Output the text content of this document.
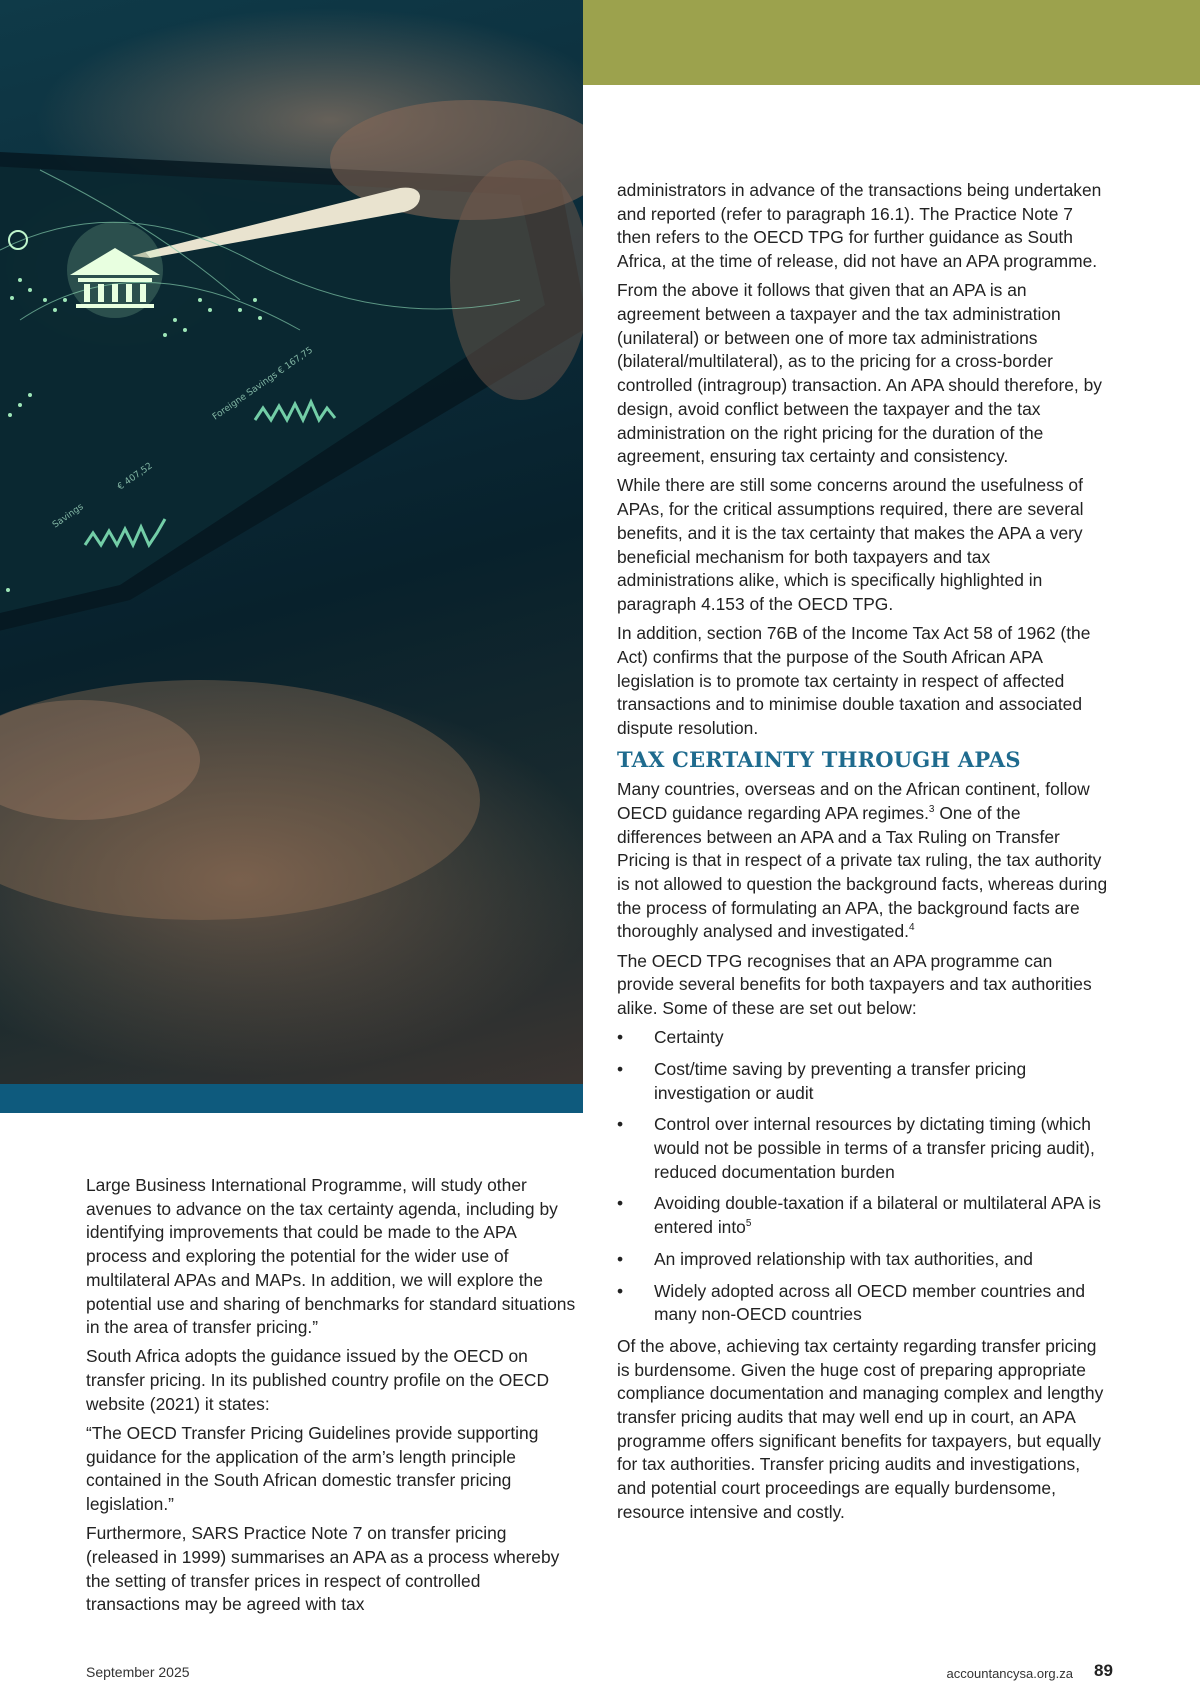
Foreigne Savings € 167,75
€ 407,52
Savings

administrators in advance of the transactions being undertaken and reported (refer to paragraph 16.1). The Practice Note 7 then refers to the OECD TPG for further guidance as South Africa, at the time of release, did not have an APA programme.

From the above it follows that given that an APA is an agreement between a taxpayer and the tax administration (unilateral) or between one of more tax administrations (bilateral/multilateral), as to the pricing for a cross-border controlled (intragroup) transaction. An APA should therefore, by design, avoid conflict between the taxpayer and the tax administration on the right pricing for the duration of the agreement, ensuring tax certainty and consistency.

While there are still some concerns around the usefulness of APAs, for the critical assumptions required, there are several benefits, and it is the tax certainty that makes the APA a very beneficial mechanism for both taxpayers and tax administrations alike, which is specifically highlighted in paragraph 4.153 of the OECD TPG.

In addition, section 76B of the Income Tax Act 58 of 1962 (the Act) confirms that the purpose of the South African APA legislation is to promote tax certainty in respect of affected transactions and to minimise double taxation and associated dispute resolution.

TAX CERTAINTY THROUGH APAS

Many countries, overseas and on the African continent, follow OECD guidance regarding APA regimes.$^3$ One of the differences between an APA and a Tax Ruling on Transfer Pricing is that in respect of a private tax ruling, the tax authority is not allowed to question the background facts, whereas during the process of formulating an APA, the background facts are thoroughly analysed and investigated.$^4$

The OECD TPG recognises that an APA programme can provide several benefits for both taxpayers and tax authorities alike. Some of these are set out below:

• Certainty
• Cost/time saving by preventing a transfer pricing investigation or audit
• Control over internal resources by dictating timing (which would not be possible in terms of a transfer pricing audit), reduced documentation burden
• Avoiding double-taxation if a bilateral or multilateral APA is entered into$^5$
• An improved relationship with tax authorities, and
• Widely adopted across all OECD member countries and many non-OECD countries

Of the above, achieving tax certainty regarding transfer pricing is burdensome. Given the huge cost of preparing appropriate compliance documentation and managing complex and lengthy transfer pricing audits that may well end up in court, an APA programme offers significant benefits for taxpayers, but equally for tax authorities. Transfer pricing audits and investigations, and potential court proceedings are equally burdensome, resource intensive and costly.

Large Business International Programme, will study other avenues to advance on the tax certainty agenda, including by identifying improvements that could be made to the APA process and exploring the potential for the wider use of multilateral APAs and MAPs. In addition, we will explore the potential use and sharing of benchmarks for standard situations in the area of transfer pricing.”

South Africa adopts the guidance issued by the OECD on transfer pricing. In its published country profile on the OECD website (2021) it states:

“The OECD Transfer Pricing Guidelines provide supporting guidance for the application of the arm’s length principle contained in the South African domestic transfer pricing legislation.”

Furthermore, SARS Practice Note 7 on transfer pricing (released in 1999) summarises an APA as a process whereby the setting of transfer prices in respect of controlled transactions may be agreed with tax

September 2025	accountancysa.org.za 89
